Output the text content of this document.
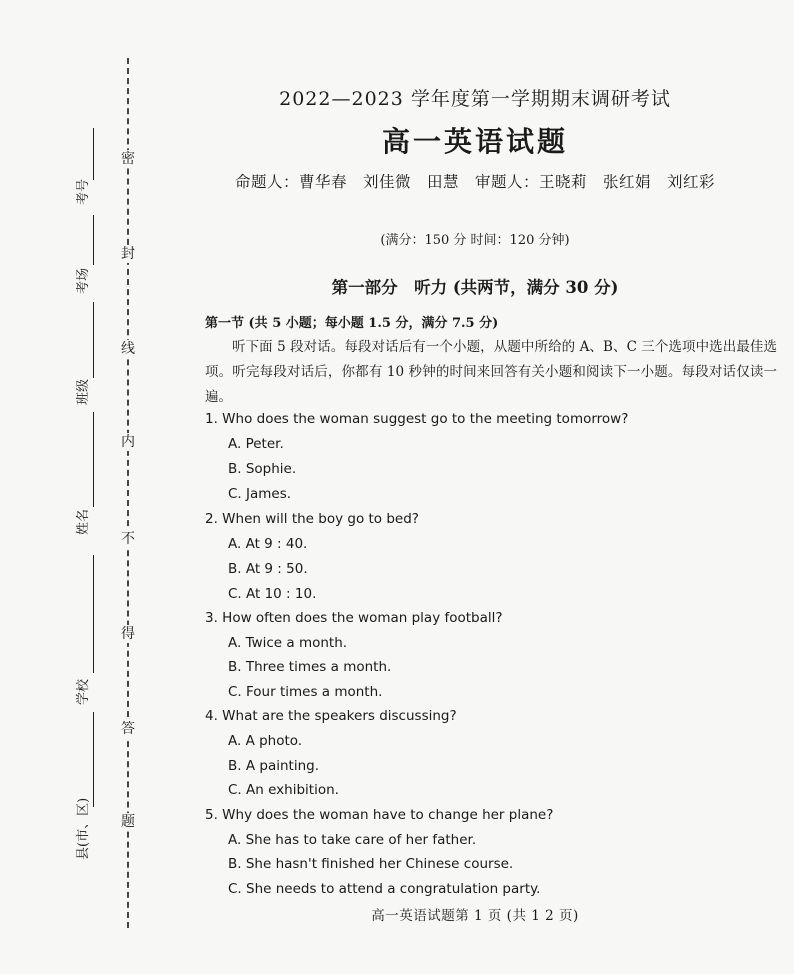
密
封
线
内
不
得
答
题
考号
考场
班级
姓名
学校
县(市、区)
2022—2023 学年度第一学期期末调研考试
高一英语试题
命题人：曹华春　刘佳微　田慧　审题人：王晓莉　张红娟　刘红彩
(满分：150 分 时间：120 分钟)
第一部分　听力 (共两节，满分 30 分)
第一节 (共 5 小题；每小题 1.5 分，满分 7.5 分)
听下面 5 段对话。每段对话后有一个小题，从题中所给的 A、B、C 三个选项中选出最佳选项。听完每段对话后，你都有 10 秒钟的时间来回答有关小题和阅读下一小题。每段对话仅读一遍。
1. Who does the woman suggest go to the meeting tomorrow?
A. Peter.
B. Sophie.
C. James.
2. When will the boy go to bed?
A. At 9 : 40.
B. At 9 : 50.
C. At 10 : 10.
3. How often does the woman play football?
A. Twice a month.
B. Three times a month.
C. Four times a month.
4. What are the speakers discussing?
A. A photo.
B. A painting.
C. An exhibition.
5. Why does the woman have to change her plane?
A. She has to take care of her father.
B. She hasn't finished her Chinese course.
C. She needs to attend a congratulation party.
高一英语试题第 1 页 (共 1 2 页)
